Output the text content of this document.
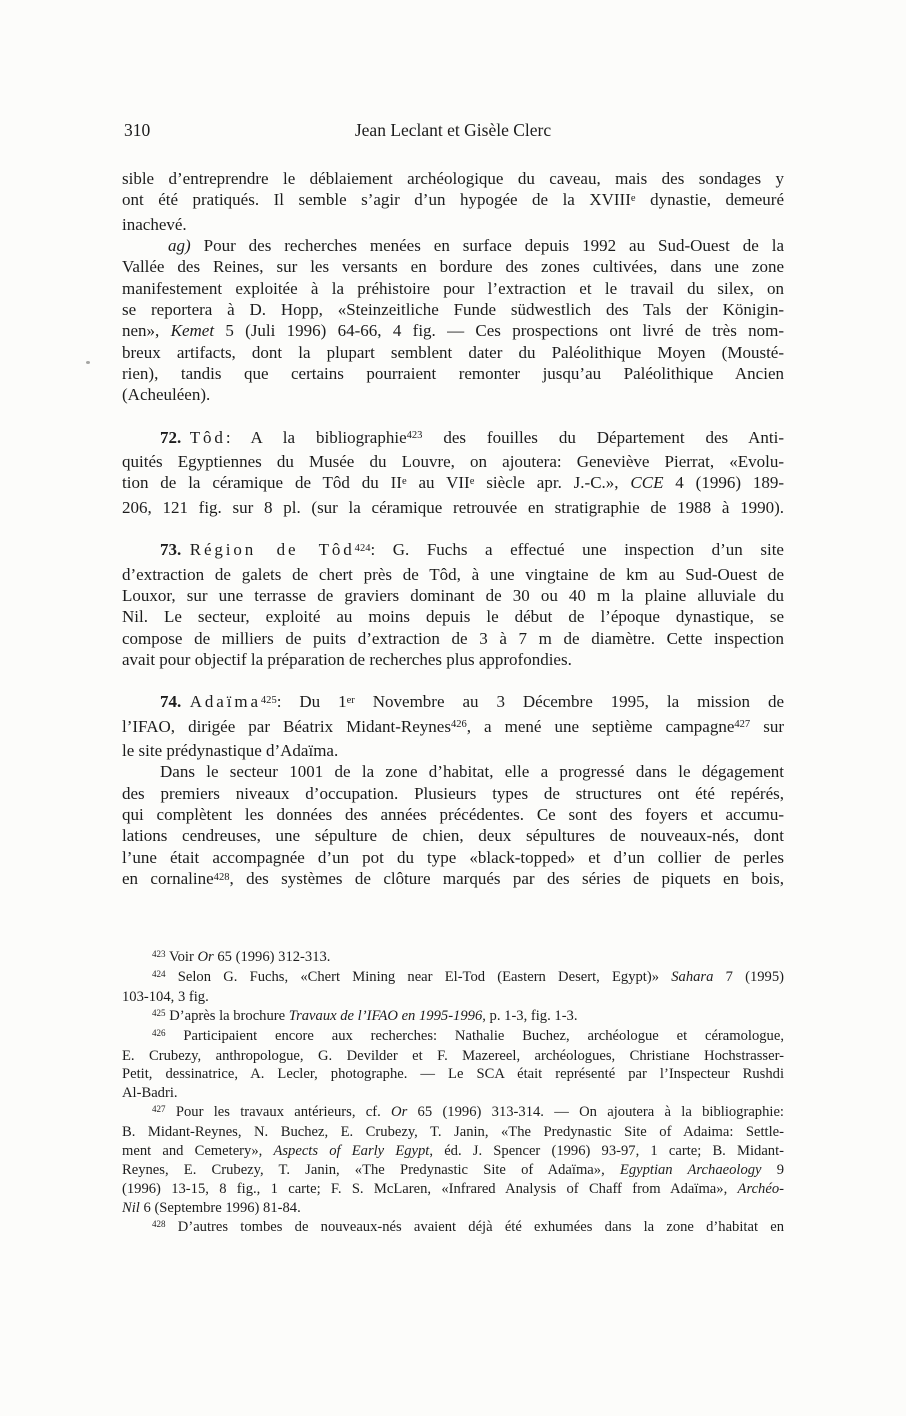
310	Jean Leclant et Gisèle Clerc
sible d’entreprendre le déblaiement archéologique du caveau, mais des sondages y
ont été pratiqués. Il semble s’agir d’un hypogée de la XVIIIe dynastie, demeuré
inachevé.
ag) Pour des recherches menées en surface depuis 1992 au Sud-Ouest de la
Vallée des Reines, sur les versants en bordure des zones cultivées, dans une zone
manifestement exploitée à la préhistoire pour l’extraction et le travail du silex, on
se reportera à D. Hopp, «Steinzeitliche Funde südwestlich des Tals der Königin-
nen», Kemet 5 (Juli 1996) 64-66, 4 fig. — Ces prospections ont livré de très nom-
breux artifacts, dont la plupart semblent dater du Paléolithique Moyen (Mousté-
rien), tandis que certains pourraient remonter jusqu’au Paléolithique Ancien
(Acheuléen).
72.  Tôd: A la bibliographie$^{423}$ des fouilles du Département des Anti-
quités Egyptiennes du Musée du Louvre, on ajoutera: Geneviève Pierrat, «Evolu-
tion de la céramique de Tôd du IIe au VIIe siècle apr. J.-C.», CCE 4 (1996) 189-
206, 121 fig. sur 8 pl. (sur la céramique retrouvée en stratigraphie de 1988 à 1990).
73.  Région de Tôd$^{424}$: G. Fuchs a effectué une inspection d’un site
d’extraction de galets de chert près de Tôd, à une vingtaine de km au Sud-Ouest de
Louxor, sur une terrasse de graviers dominant de 30 ou 40 m la plaine alluviale du
Nil. Le secteur, exploité au moins depuis le début de l’époque dynastique, se
compose de milliers de puits d’extraction de 3 à 7 m de diamètre. Cette inspection
avait pour objectif la préparation de recherches plus approfondies.
74.  Adaïma$^{425}$: Du 1er Novembre au 3 Décembre 1995, la mission de
l’IFAO, dirigée par Béatrix Midant-Reynes$^{426}$, a mené une septième campagne$^{427}$ sur
le site prédynastique d’Adaïma.
Dans le secteur 1001 de la zone d’habitat, elle a progressé dans le dégagement
des premiers niveaux d’occupation. Plusieurs types de structures ont été repérés,
qui complètent les données des années précédentes. Ce sont des foyers et accumu-
lations cendreuses, une sépulture de chien, deux sépultures de nouveaux-nés, dont
l’une était accompagnée d’un pot du type «black-topped» et d’un collier de perles
en cornaline$^{428}$, des systèmes de clôture marqués par des séries de piquets en bois,
$^{423}$ Voir Or 65 (1996) 312-313.
$^{424}$ Selon G. Fuchs, «Chert Mining near El-Tod (Eastern Desert, Egypt)» Sahara 7 (1995)
103-104, 3 fig.
$^{425}$ D’après la brochure Travaux de l’IFAO en 1995-1996, p. 1-3, fig. 1-3.
$^{426}$ Participaient encore aux recherches: Nathalie Buchez, archéologue et céramologue,
E. Crubezy, anthropologue, G. Devilder et F. Mazereel, archéologues, Christiane Hochstrasser-
Petit, dessinatrice, A. Lecler, photographe. — Le SCA était représenté par l’Inspecteur Rushdi
Al-Badri.
$^{427}$ Pour les travaux antérieurs, cf. Or 65 (1996) 313-314. — On ajoutera à la bibliographie:
B. Midant-Reynes, N. Buchez, E. Crubezy, T. Janin, «The Predynastic Site of Adaima: Settle-
ment and Cemetery», Aspects of Early Egypt, éd. J. Spencer (1996) 93-97, 1 carte; B. Midant-
Reynes, E. Crubezy, T. Janin, «The Predynastic Site of Adaïma», Egyptian Archaeology 9
(1996) 13-15, 8 fig., 1 carte; F. S. McLaren, «Infrared Analysis of Chaff from Adaïma», Archéo-
Nil 6 (Septembre 1996) 81-84.
$^{428}$ D’autres tombes de nouveaux-nés avaient déjà été exhumées dans la zone d’habitat en
